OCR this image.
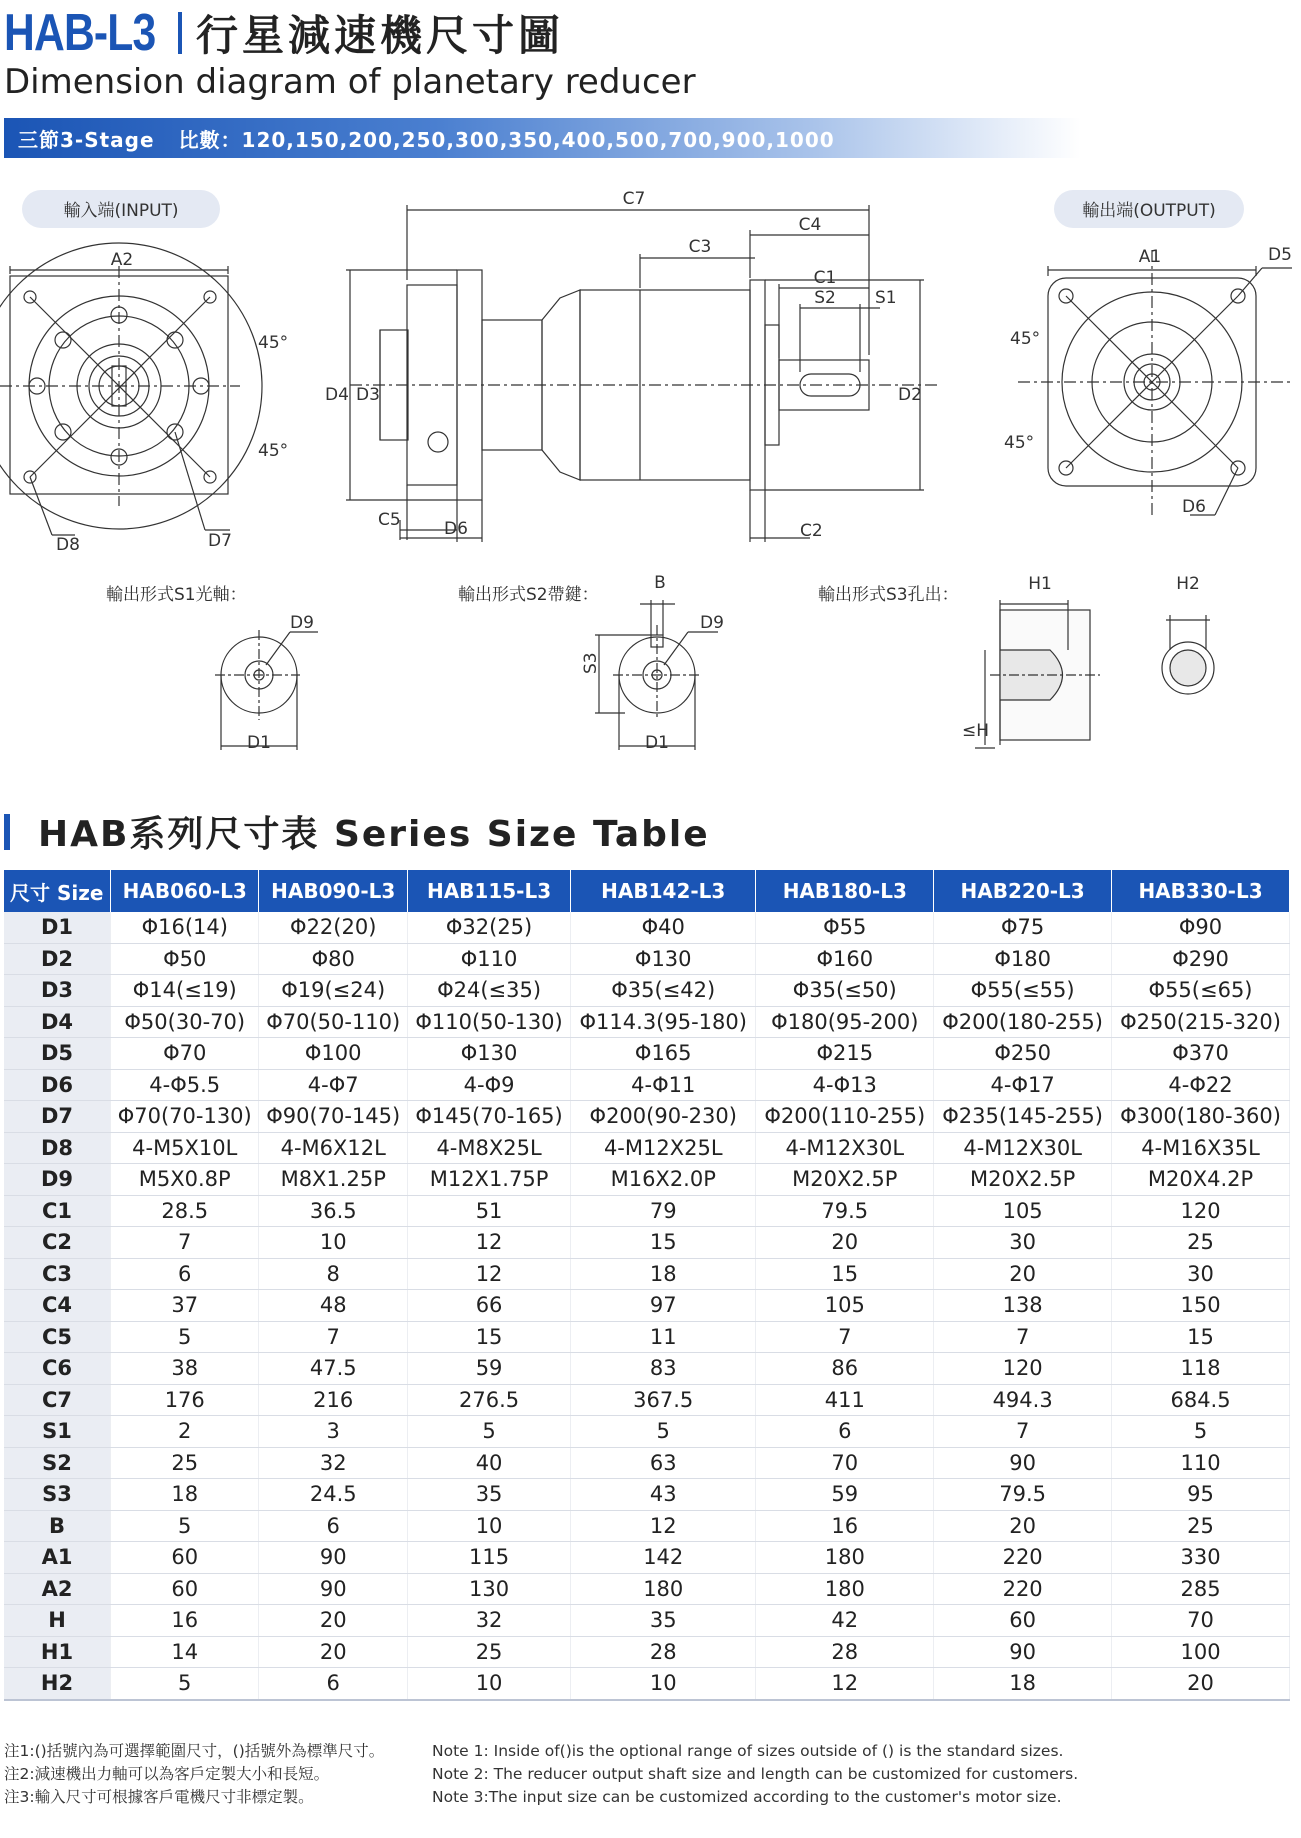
HAB-L3 行星減速機尺寸圖
Dimension diagram of planetary reducer
三節3-Stage 比數：120,150,200,250,300,350,400,500,700,900,1000
輸入端(INPUT)	輸出端(OUTPUT)
A2
45°
45°
D8	D7
C7
C4
C3
C1
S2 S1
D4 D3	D2
C5	D6	C2
A1	D5
45°
45°
D6
輸出形式S1光軸：	輸出形式S2帶鍵：	輸出形式S3孔出：
D9
D1
B
D9
D1
S3
H1	H2
≤H
HAB系列尺寸表 Series Size Table
尺寸 Size	HAB060-L3	HAB090-L3	HAB115-L3	HAB142-L3	HAB180-L3	HAB220-L3	HAB330-L3
D1	Φ16(14)	Φ22(20)	Φ32(25)	Φ40	Φ55	Φ75	Φ90
D2	Φ50	Φ80	Φ110	Φ130	Φ160	Φ180	Φ290
D3	Φ14(≤19)	Φ19(≤24)	Φ24(≤35)	Φ35(≤42)	Φ35(≤50)	Φ55(≤55)	Φ55(≤65)
D4	Φ50(30-70)	Φ70(50-110)	Φ110(50-130)	Φ114.3(95-180)	Φ180(95-200)	Φ200(180-255)	Φ250(215-320)
D5	Φ70	Φ100	Φ130	Φ165	Φ215	Φ250	Φ370
D6	4-Φ5.5	4-Φ7	4-Φ9	4-Φ11	4-Φ13	4-Φ17	4-Φ22
D7	Φ70(70-130)	Φ90(70-145)	Φ145(70-165)	Φ200(90-230)	Φ200(110-255)	Φ235(145-255)	Φ300(180-360)
D8	4-M5X10L	4-M6X12L	4-M8X25L	4-M12X25L	4-M12X30L	4-M12X30L	4-M16X35L
D9	M5X0.8P	M8X1.25P	M12X1.75P	M16X2.0P	M20X2.5P	M20X2.5P	M20X4.2P
C1	28.5	36.5	51	79	79.5	105	120
C2	7	10	12	15	20	30	25
C3	6	8	12	18	15	20	30
C4	37	48	66	97	105	138	150
C5	5	7	15	11	7	7	15
C6	38	47.5	59	83	86	120	118
C7	176	216	276.5	367.5	411	494.3	684.5
S1	2	3	5	5	6	7	5
S2	25	32	40	63	70	90	110
S3	18	24.5	35	43	59	79.5	95
B	5	6	10	12	16	20	25
A1	60	90	115	142	180	220	330
A2	60	90	130	180	180	220	285
H	16	20	32	35	42	60	70
H1	14	20	25	28	28	90	100
H2	5	6	10	10	12	18	20
注1:()括號內為可選擇範圍尺寸，()括號外為標準尺寸。
注2:減速機出力軸可以為客戶定製大小和長短。
注3:輸入尺寸可根據客戶電機尺寸非標定製。
Note 1: Inside of()is the optional range of sizes outside of () is the standard sizes.
Note 2: The reducer output shaft size and length can be customized for customers.
Note 3:The input size can be customized according to the customer's motor size.
